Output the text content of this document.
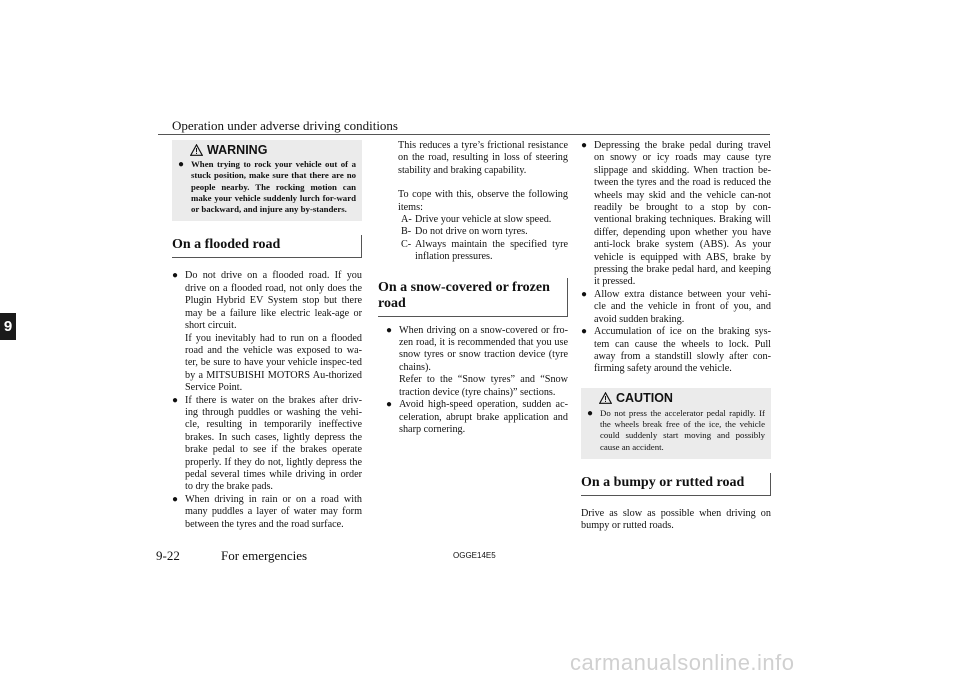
Operation under adverse driving conditions
9
WARNING
● When trying to rock your vehicle out of a stuck position, make sure that there are no people nearby. The rocking motion can make your vehicle suddenly lurch for-ward or backward, and injure any by-standers.
On a flooded road
● Do not drive on a flooded road. If you drive on a flooded road, not only does the Plugin Hybrid EV System stop but there may be a failure like electric leak-age or short circuit.
If you inevitably had to run on a flooded road and the vehicle was exposed to wa-ter, be sure to have your vehicle inspec-ted by a MITSUBISHI MOTORS Au-thorized Service Point.
● If there is water on the brakes after driv-ing through puddles or washing the vehi-cle, resulting in temporarily ineffective brakes. In such cases, lightly depress the brake pedal to see if the brakes operate properly. If they do not, lightly depress the pedal several times while driving in order to dry the brake pads.
● When driving in rain or on a road with many puddles a layer of water may form between the tyres and the road surface.
This reduces a tyre’s frictional resistance on the road, resulting in loss of steering stability and braking capability.
To cope with this, observe the following items:
A- Drive your vehicle at slow speed.
B- Do not drive on worn tyres.
C- Always maintain the specified tyre inflation pressures.
On a snow-covered or frozen road
● When driving on a snow-covered or fro-zen road, it is recommended that you use snow tyres or snow traction device (tyre chains).
Refer to the “Snow tyres” and “Snow traction device (tyre chains)” sections.
● Avoid high-speed operation, sudden ac-celeration, abrupt brake application and sharp cornering.
● Depressing the brake pedal during travel on snowy or icy roads may cause tyre slippage and skidding. When traction be-tween the tyres and the road is reduced the wheels may skid and the vehicle can-not readily be brought to a stop by con-ventional braking techniques. Braking will differ, depending upon whether you have anti-lock brake system (ABS). As your vehicle is equipped with ABS, brake by pressing the brake pedal hard, and keeping it pressed.
● Allow extra distance between your vehi-cle and the vehicle in front of you, and avoid sudden braking.
● Accumulation of ice on the braking sys-tem can cause the wheels to lock. Pull away from a standstill slowly after con-firming safety around the vehicle.
CAUTION
● Do not press the accelerator pedal rapidly. If the wheels break free of the ice, the vehicle could suddenly start moving and possibly cause an accident.
On a bumpy or rutted road
Drive as slow as possible when driving on bumpy or rutted roads.
9-22	For emergencies	OGGE14E5
carmanualsonline.info
